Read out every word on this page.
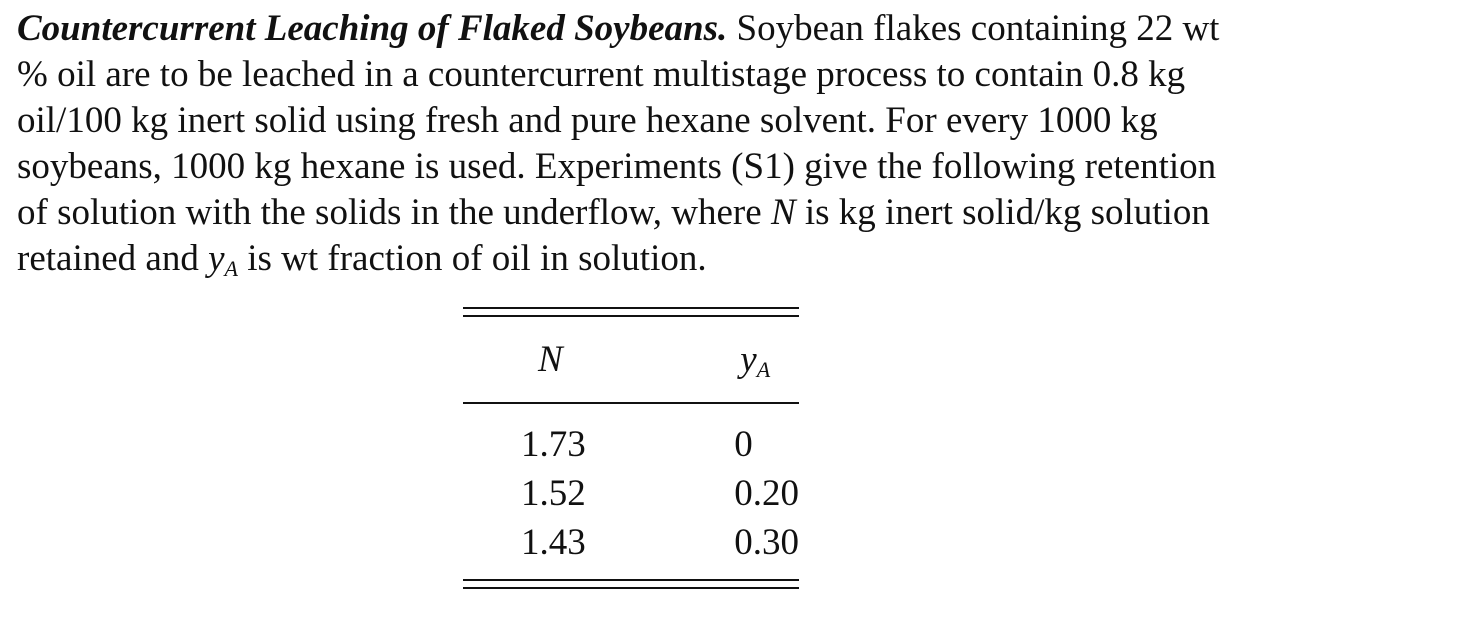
Countercurrent Leaching of Flaked Soybeans. Soybean flakes containing 22 wt
% oil are to be leached in a countercurrent multistage process to contain 0.8 kg
oil/100 kg inert solid using fresh and pure hexane solvent. For every 1000 kg
soybeans, 1000 kg hexane is used. Experiments (S1) give the following retention
of solution with the solids in the underflow, where N is kg inert solid/kg solution
retained and $y_A$ is wt fraction of oil in solution.
N	$y_A$

1.73	0
1.52	0.20
1.43	0.30
